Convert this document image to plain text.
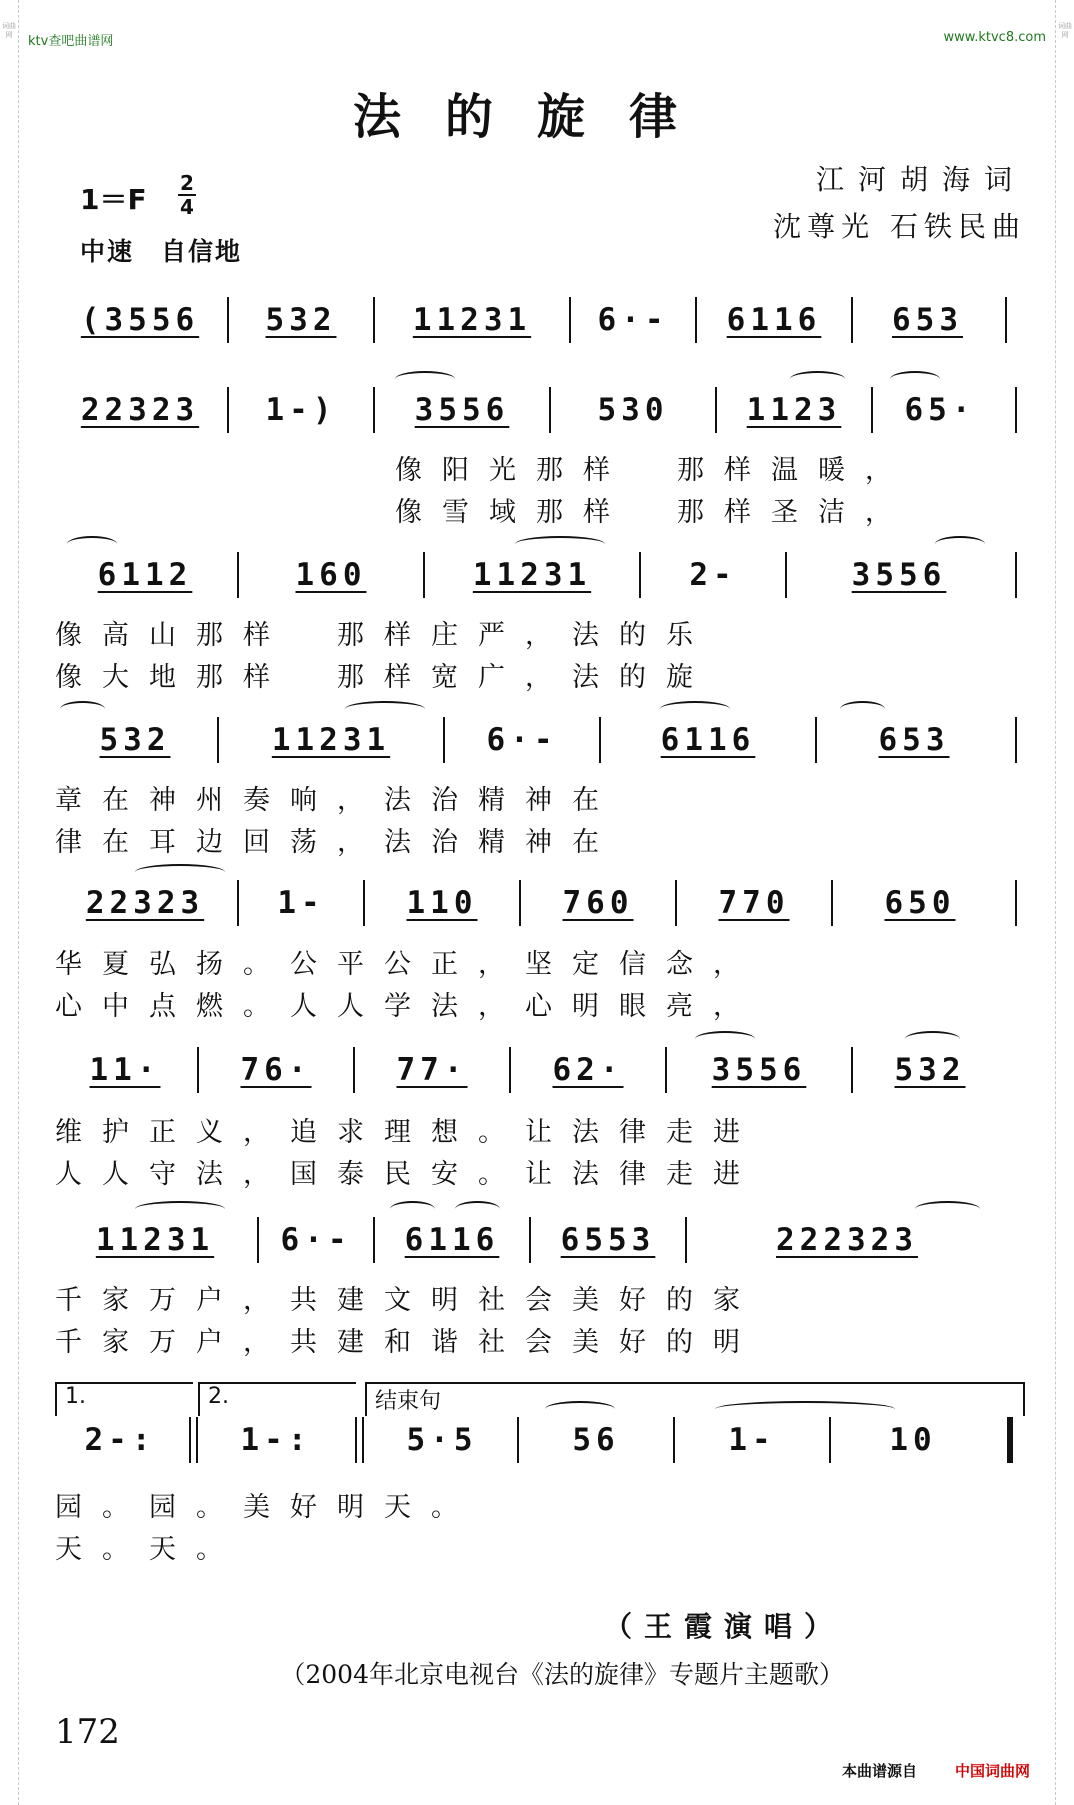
词曲网
词曲网
ktv查吧曲谱网	www.ktvc8.com
法的旋律
江河胡海词
沈尊光 石铁民曲
1＝F 2
4
中速　自信地
(3556 532 11231 6·- 6116 653
22323 1-)	3556	530	1123 65·
像阳光那样　那样温暖，
像雪域那样　那样圣洁，
6112	160	11231	2-	3556
像高山那样　那样庄严，法的乐
像大地那样　那样宽广，法的旋
532	11231	6·-	6116	653
章在神州奏响，法治精神在
律在耳边回荡，法治精神在
22323 1-	110	760	770	650
华夏弘扬。公平公正，坚定信念，
心中点燃。人人学法，心明眼亮，
11·	76·	77·	62·	3556	532
维护正义，追求理想。让法律走进
人人守法，国泰民安。让法律走进
11231 6·- 6116 6553	222323
千家万户，共建文明社会美好的家
千家万户，共建和谐社会美好的明
1.	2.	结束句
2-:	1-:	5·5	56	1-	10
园。园。美好明天。
天。天。
（王霞演唱）
（2004年北京电视台《法的旋律》专题片主题歌）
172
本曲谱源自	中国词曲网
